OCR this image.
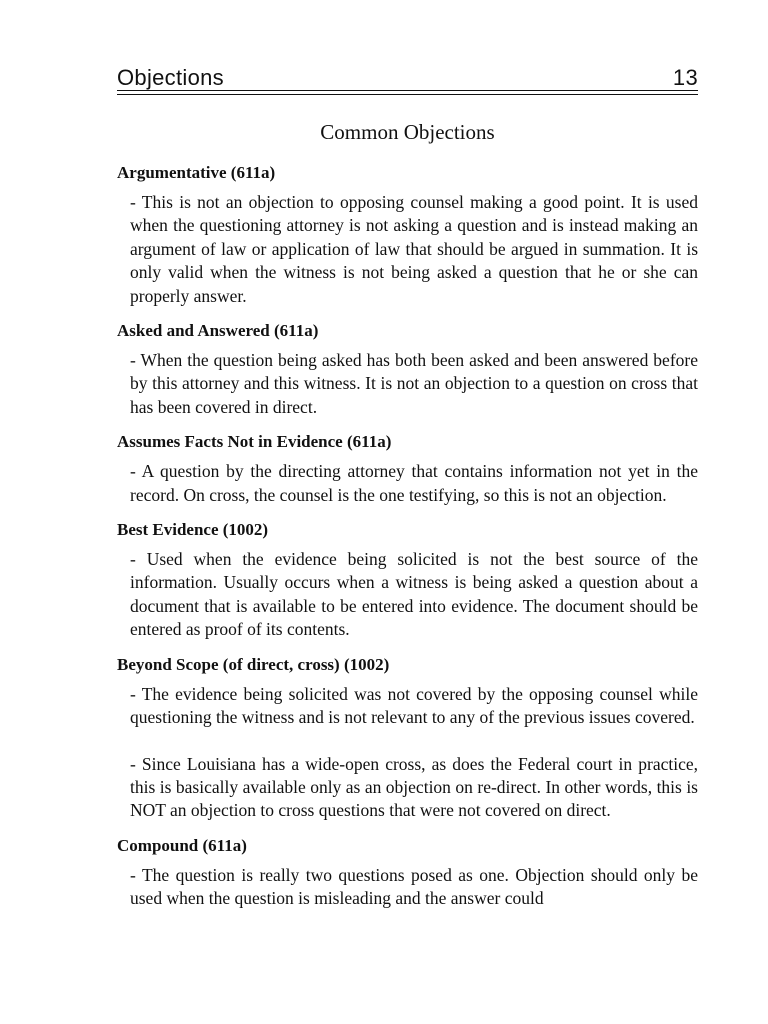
Objections	13
Common Objections
Argumentative (611a)

- This is not an objection to opposing counsel making a good point. It is used when the questioning attorney is not asking a question and is instead making an argument of law or application of law that should be argued in summation. It is only valid when the witness is not being asked a question that he or she can properly answer.

Asked and Answered (611a)

- When the question being asked has both been asked and been answered before by this attorney and this witness. It is not an objection to a question on cross that has been covered in direct.

Assumes Facts Not in Evidence (611a)

- A question by the directing attorney that contains information not yet in the record. On cross, the counsel is the one testifying, so this is not an objection.

Best Evidence (1002)

- Used when the evidence being solicited is not the best source of the information. Usually occurs when a witness is being asked a question about a document that is available to be entered into evidence. The document should be entered as proof of its contents.

Beyond Scope (of direct, cross) (1002)

- The evidence being solicited was not covered by the opposing counsel while questioning the witness and is not relevant to any of the previous issues covered.

- Since Louisiana has a wide-open cross, as does the Federal court in practice, this is basically available only as an objection on re-direct. In other words, this is NOT an objection to cross questions that were not covered on direct.

Compound (611a)

- The question is really two questions posed as one. Objection should only be used when the question is misleading and the answer could
